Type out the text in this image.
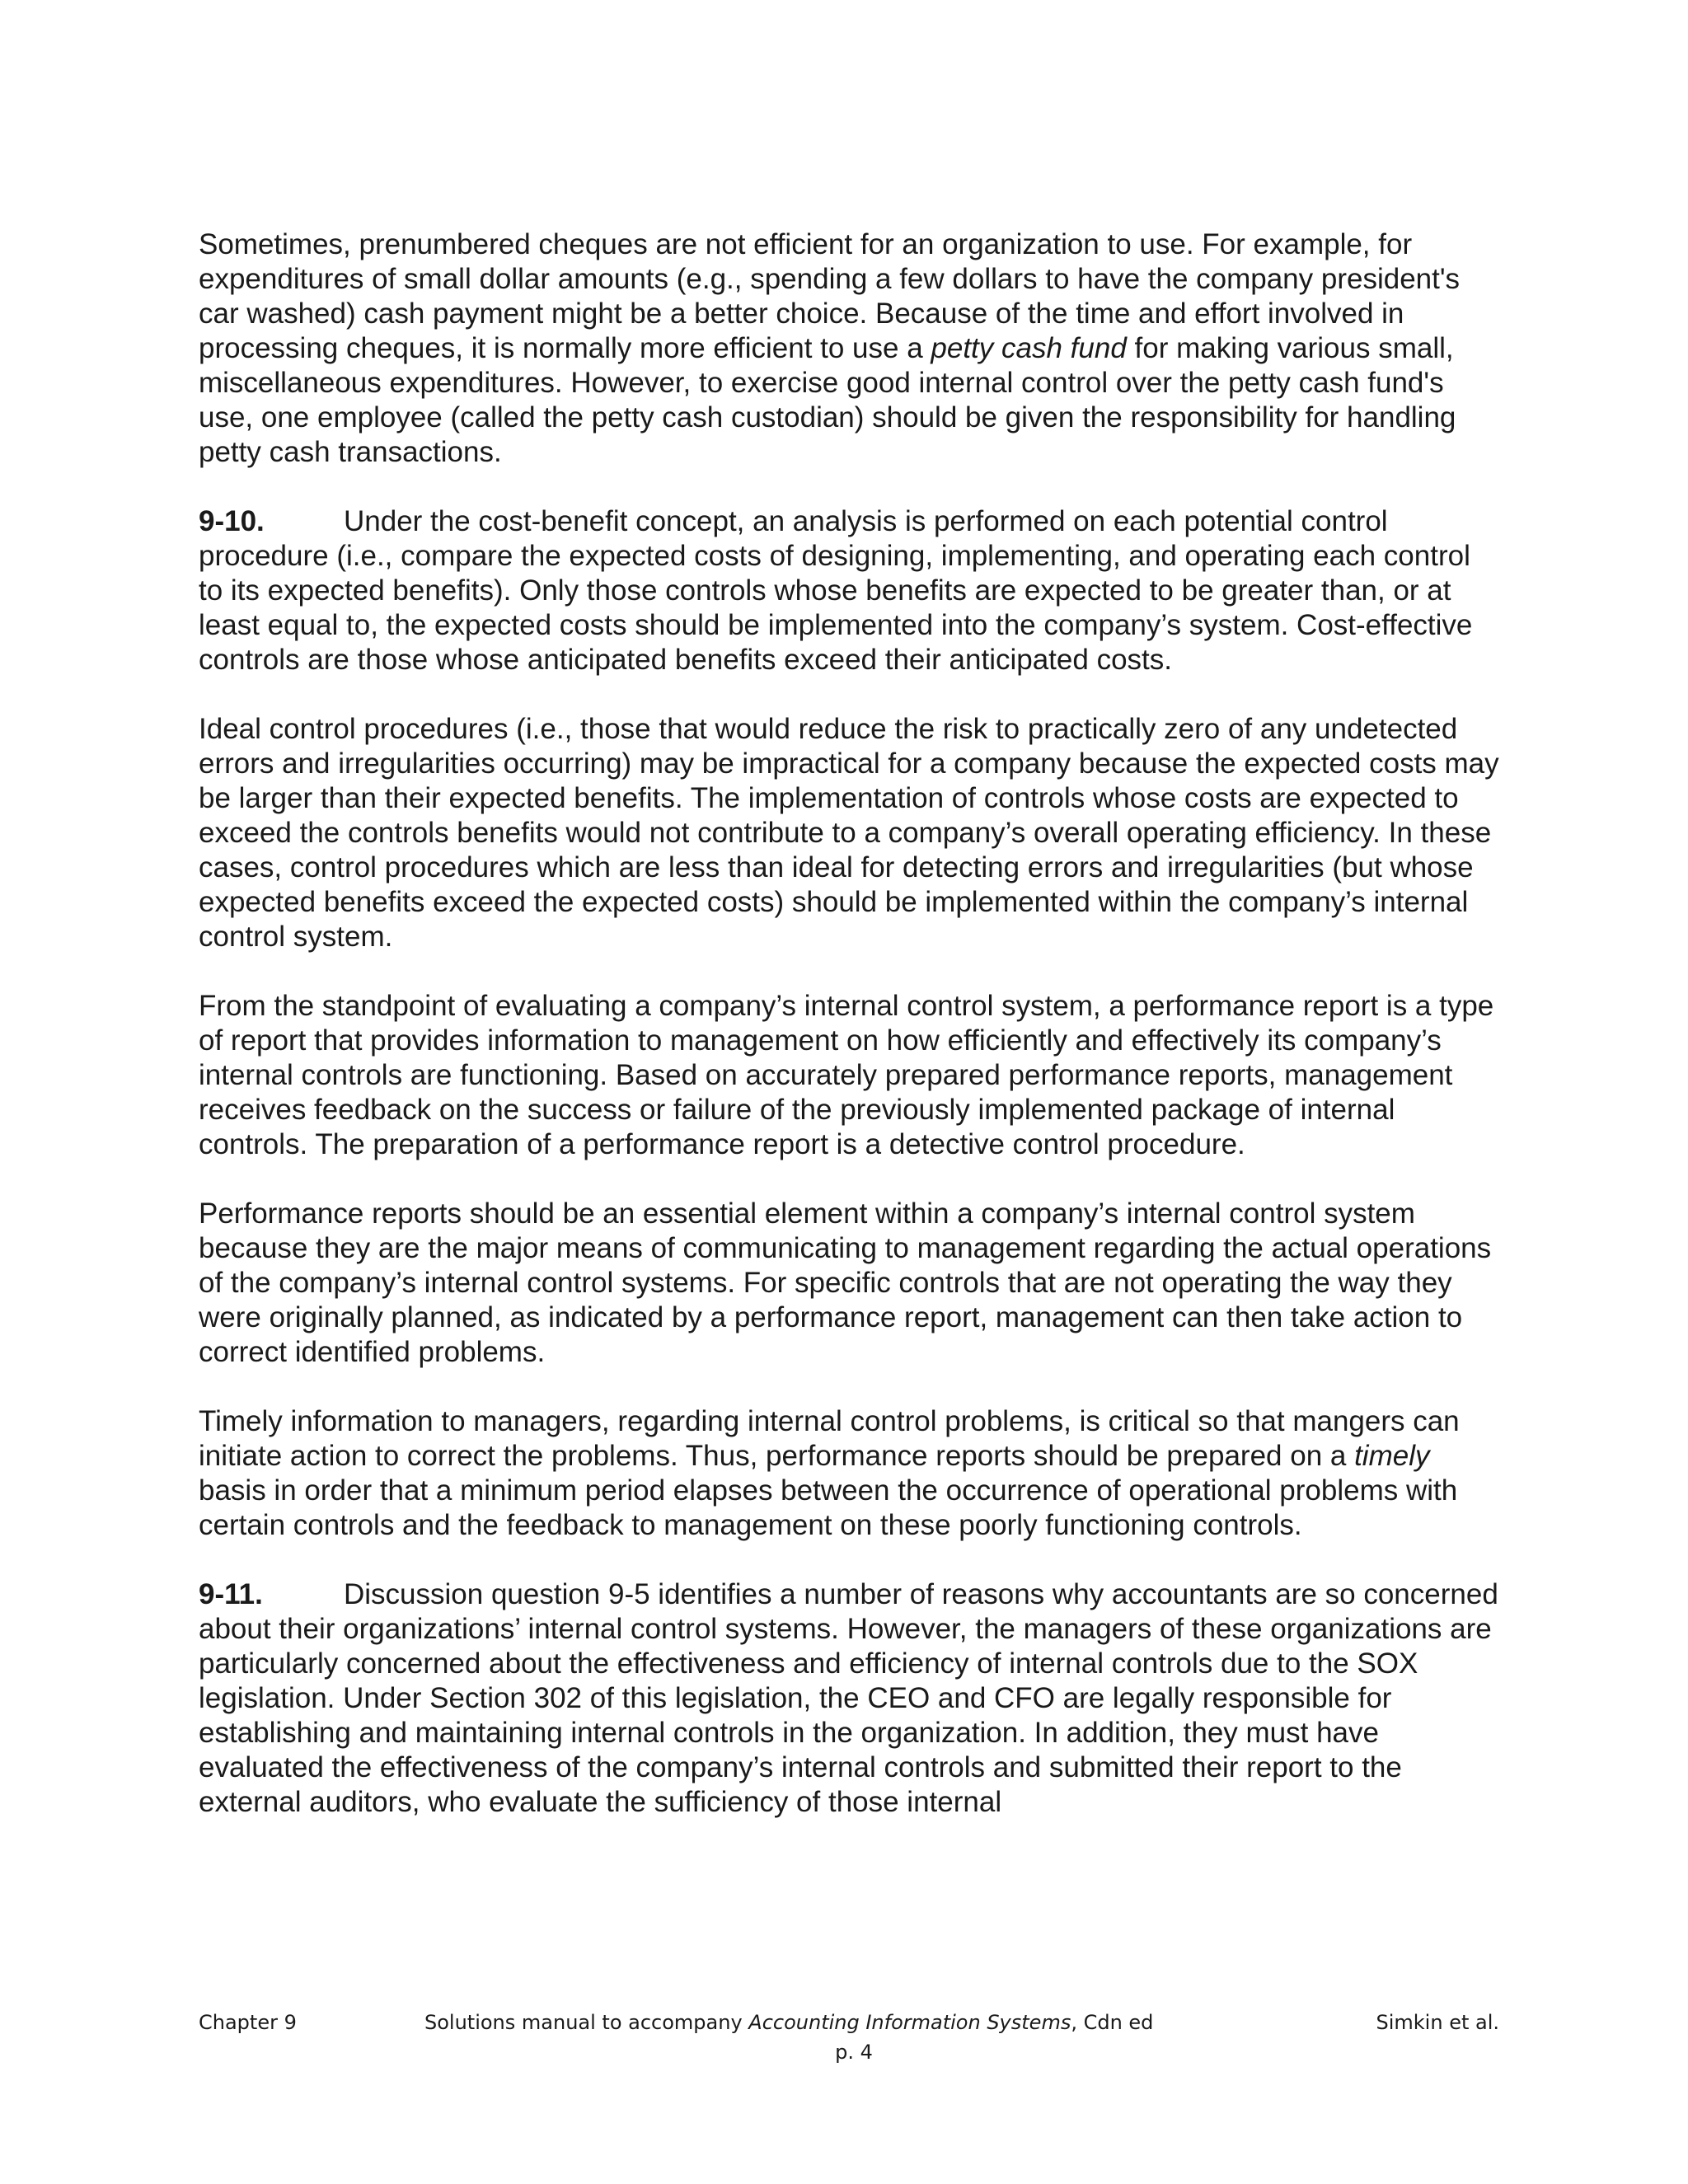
Sometimes, prenumbered cheques are not efficient for an organization to use. For example, for expenditures of small dollar amounts (e.g., spending a few dollars to have the company president's car washed) cash payment might be a better choice. Because of the time and effort involved in processing cheques, it is normally more efficient to use a petty cash fund for making various small, miscellaneous expenditures. However, to exercise good internal control over the petty cash fund's use, one employee (called the petty cash custodian) should be given the responsibility for handling petty cash transactions.

9-10.	Under the cost-benefit concept, an analysis is performed on each potential control procedure (i.e., compare the expected costs of designing, implementing, and operating each control to its expected benefits). Only those controls whose benefits are expected to be greater than, or at least equal to, the expected costs should be implemented into the company’s system. Cost-effective controls are those whose anticipated benefits exceed their anticipated costs.

Ideal control procedures (i.e., those that would reduce the risk to practically zero of any undetected errors and irregularities occurring) may be impractical for a company because the expected costs may be larger than their expected benefits. The implementation of controls whose costs are expected to exceed the controls benefits would not contribute to a company’s overall operating efficiency. In these cases, control procedures which are less than ideal for detecting errors and irregularities (but whose expected benefits exceed the expected costs) should be implemented within the company’s internal control system.

From the standpoint of evaluating a company’s internal control system, a performance report is a type of report that provides information to management on how efficiently and effectively its company’s internal controls are functioning. Based on accurately prepared performance reports, management receives feedback on the success or failure of the previously implemented package of internal controls. The preparation of a performance report is a detective control procedure.

Performance reports should be an essential element within a company’s internal control system because they are the major means of communicating to management regarding the actual operations of the company’s internal control systems. For specific controls that are not operating the way they were originally planned, as indicated by a performance report, management can then take action to correct identified problems.

Timely information to managers, regarding internal control problems, is critical so that mangers can initiate action to correct the problems. Thus, performance reports should be prepared on a timely basis in order that a minimum period elapses between the occurrence of operational problems with certain controls and the feedback to management on these poorly functioning controls.

9-11.	Discussion question 9-5 identifies a number of reasons why accountants are so concerned about their organizations’ internal control systems. However, the managers of these organizations are particularly concerned about the effectiveness and efficiency of internal controls due to the SOX legislation. Under Section 302 of this legislation, the CEO and CFO are legally responsible for establishing and maintaining internal controls in the organization. In addition, they must have evaluated the effectiveness of the company’s internal controls and submitted their report to the external auditors, who evaluate the sufficiency of those internal

Chapter 9	Solutions manual to accompany Accounting Information Systems, Cdn ed	Simkin et al.
p. 4
